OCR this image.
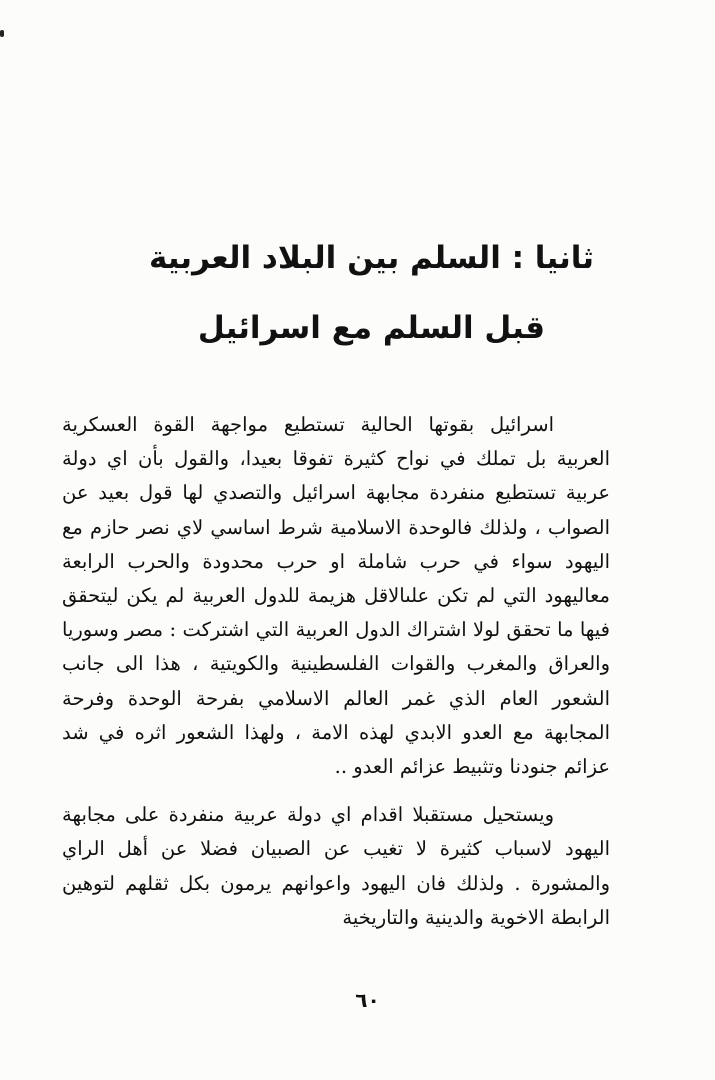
ثانيا : السلم بين البلاد العربية
قبل السلم مع اسرائيل

اسرائيل بقوتها الحالية تستطيع مواجهة القوة العسكرية العربية بل تملك في نواح كثيرة تفوقا بعيدا، والقول بأن اي دولة عربية تستطيع منفردة مجابهة اسرائيل والتصدي لها قول بعيد عن الصواب ، ولذلك فالوحدة الاسلامية شرط اساسي لاي نصر حازم مع اليهود سواء في حرب شاملة او حرب محدودة والحرب الرابعة معاليهود التي لم تكن علىالاقل هزيمة للدول العربية لم يكن ليتحقق فيها ما تحقق لولا اشتراك الدول العربية التي اشتركت : مصر وسوريا والعراق والمغرب والقوات الفلسطينية والكويتية ، هذا الى جانب الشعور العام الذي غمر العالم الاسلامي بفرحة الوحدة وفرحة المجابهة مع العدو الابدي لهذه الامة ، ولهذا الشعور اثره في شد عزائم جنودنا وتثبيط عزائم العدو ..

ويستحيل مستقبلا اقدام اي دولة عربية منفردة على مجابهة اليهود لاسباب كثيرة لا تغيب عن الصبيان فضلا عن أهل الراي والمشورة . ولذلك فان اليهود واعوانهم يرمون بكل ثقلهم لتوهين الرابطة الاخوية والدينية والتاريخية

٦٠
